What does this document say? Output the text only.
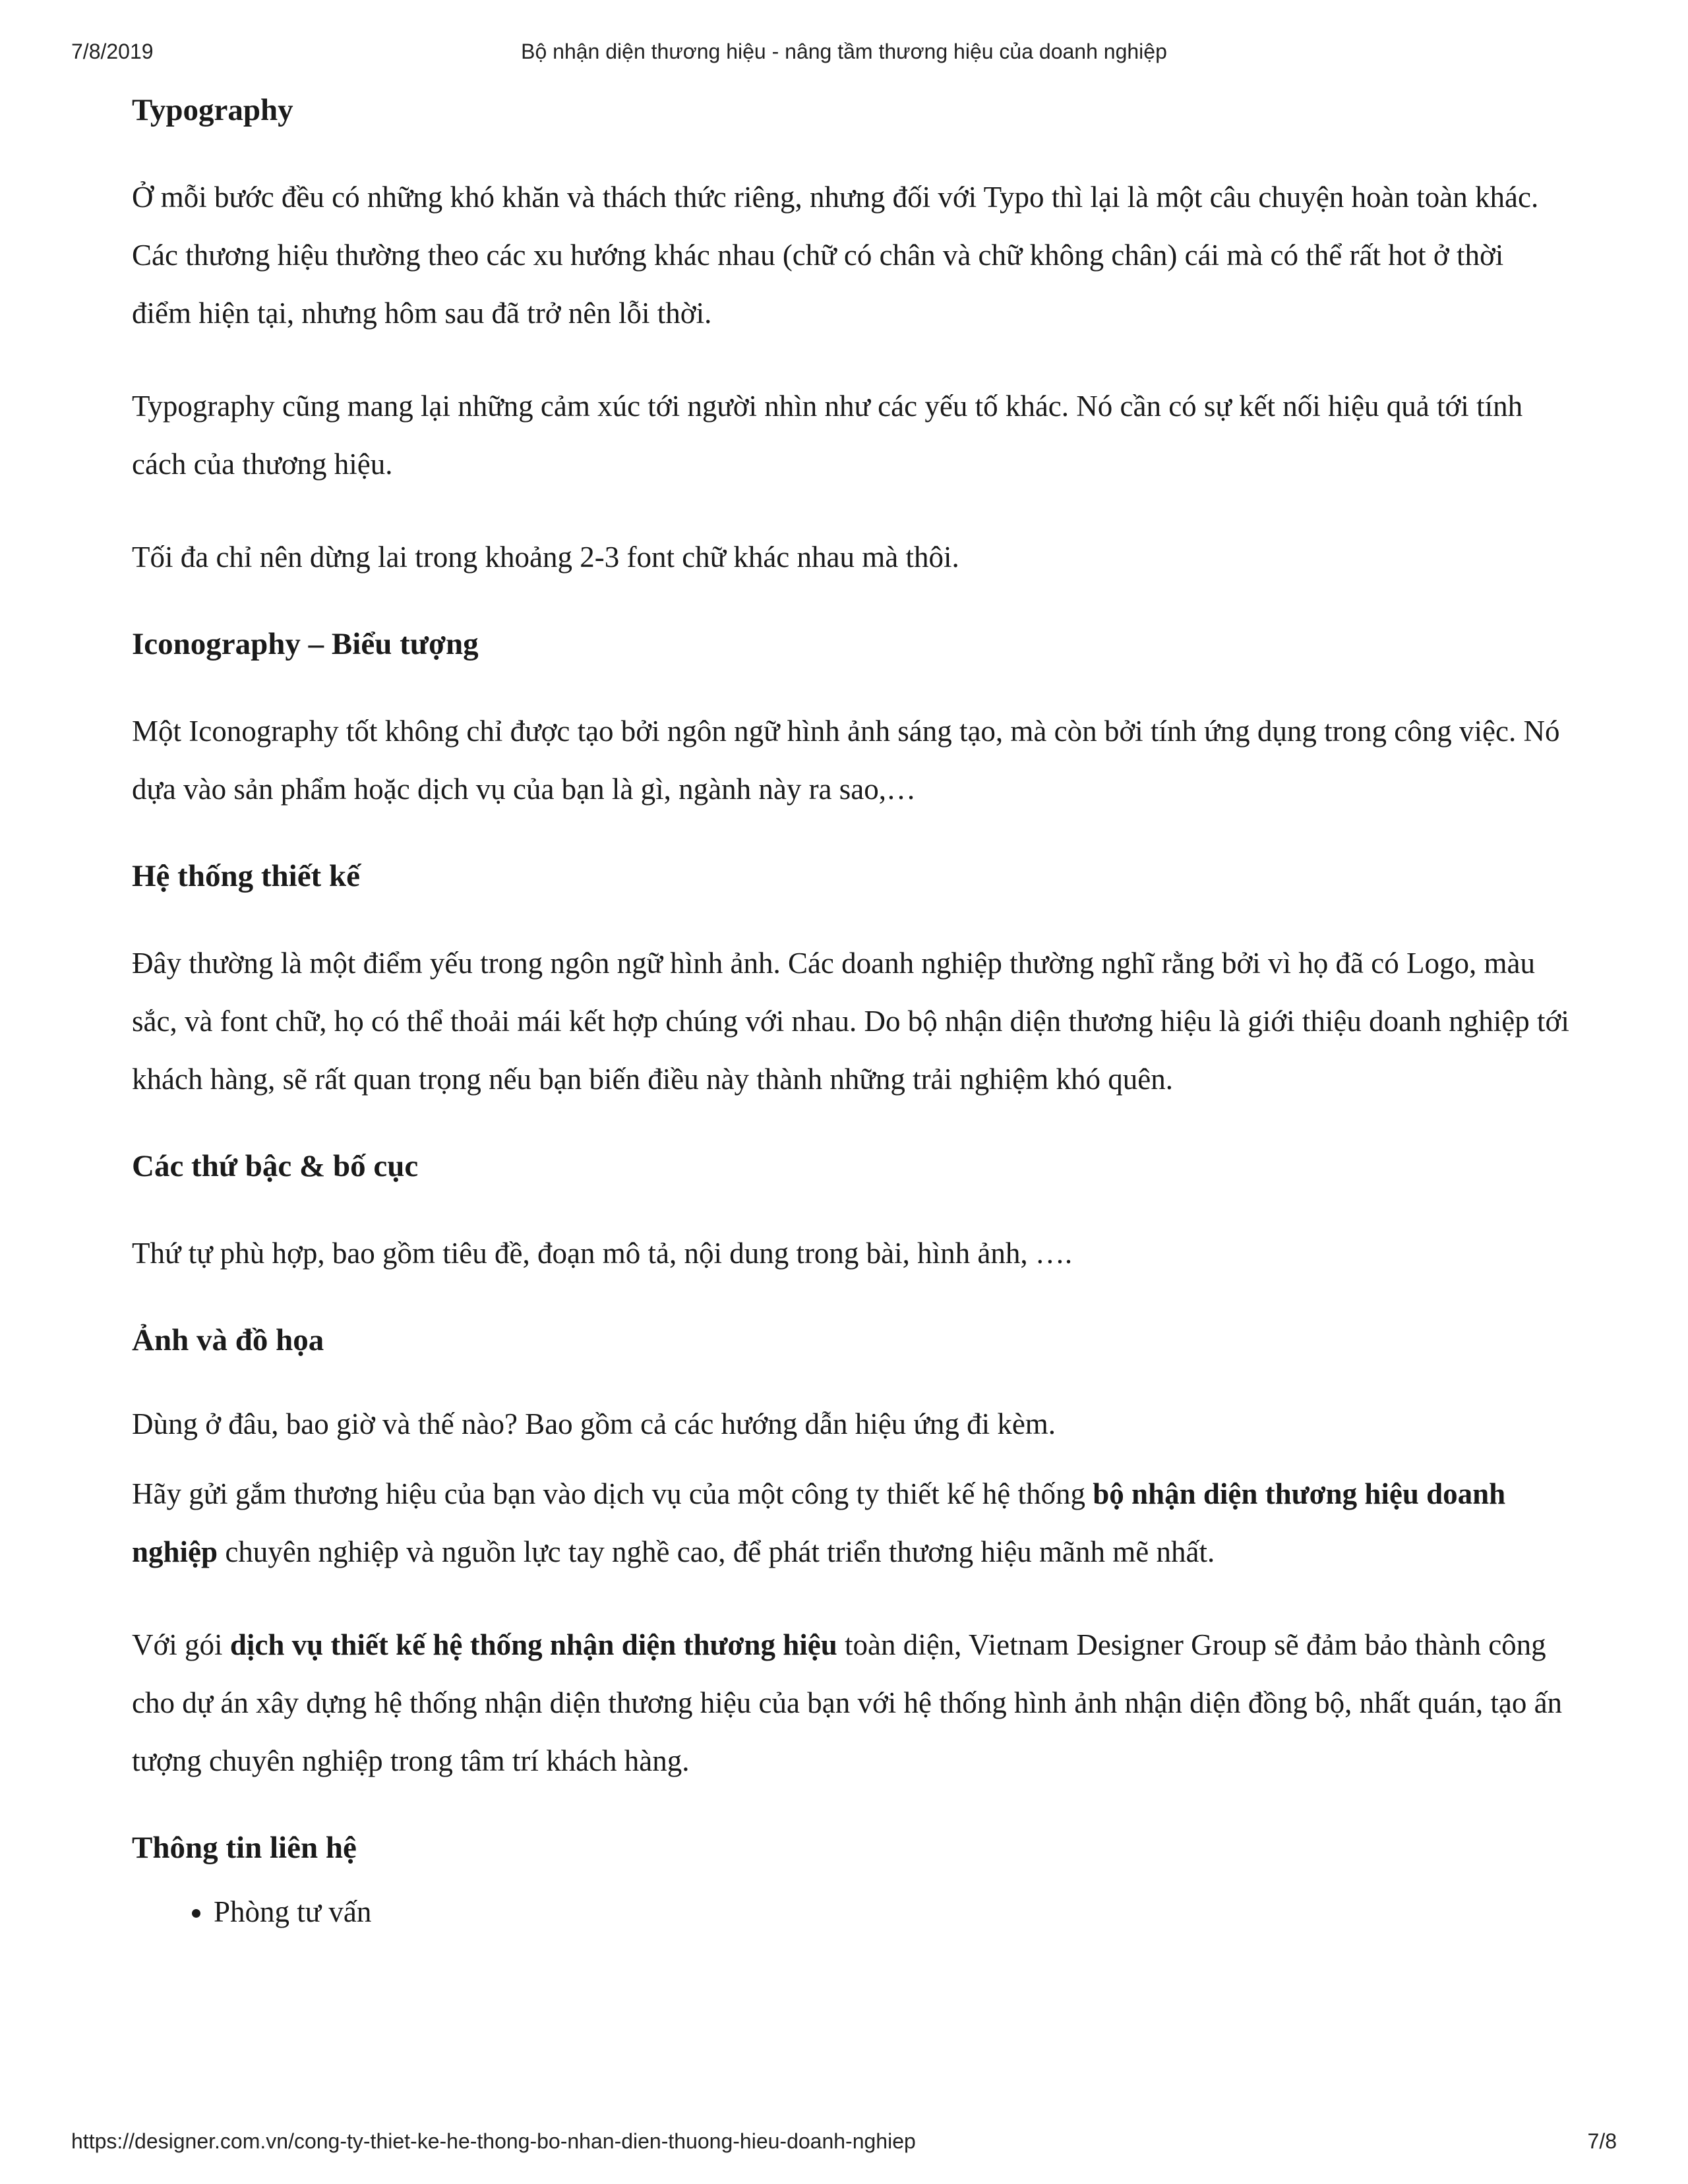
7/8/2019	Bộ nhận diện thương hiệu - nâng tầm thương hiệu của doanh nghiệp
Typography

Ở mỗi bước đều có những khó khăn và thách thức riêng, nhưng đối với Typo thì lại là một câu chuyện hoàn toàn khác. Các thương hiệu thường theo các xu hướng khác nhau (chữ có chân và chữ không chân) cái mà có thể rất hot ở thời điểm hiện tại, nhưng hôm sau đã trở nên lỗi thời.

Typography cũng mang lại những cảm xúc tới người nhìn như các yếu tố khác. Nó cần có sự kết nối hiệu quả tới tính cách của thương hiệu.

Tối đa chỉ nên dừng lai trong khoảng 2-3 font chữ khác nhau mà thôi.

Iconography – Biểu tượng

Một Iconography tốt không chỉ được tạo bởi ngôn ngữ hình ảnh sáng tạo, mà còn bởi tính ứng dụng trong công việc. Nó dựa vào sản phẩm hoặc dịch vụ của bạn là gì, ngành này ra sao,…

Hệ thống thiết kế

Đây thường là một điểm yếu trong ngôn ngữ hình ảnh. Các doanh nghiệp thường nghĩ rằng bởi vì họ đã có Logo, màu sắc, và font chữ, họ có thể thoải mái kết hợp chúng với nhau. Do bộ nhận diện thương hiệu là giới thiệu doanh nghiệp tới khách hàng, sẽ rất quan trọng nếu bạn biến điều này thành những trải nghiệm khó quên.

Các thứ bậc & bố cục

Thứ tự phù hợp, bao gồm tiêu đề, đoạn mô tả, nội dung trong bài, hình ảnh, ….

Ảnh và đồ họa

Dùng ở đâu, bao giờ và thế nào? Bao gồm cả các hướng dẫn hiệu ứng đi kèm.

Hãy gửi gắm thương hiệu của bạn vào dịch vụ của một công ty thiết kế hệ thống bộ nhận diện thương hiệu doanh nghiệp chuyên nghiệp và nguồn lực tay nghề cao, để phát triển thương hiệu mãnh mẽ nhất.

Với gói dịch vụ thiết kế hệ thống nhận diện thương hiệu toàn diện, Vietnam Designer Group sẽ đảm bảo thành công cho dự án xây dựng hệ thống nhận diện thương hiệu của bạn với hệ thống hình ảnh nhận diện đồng bộ, nhất quán, tạo ấn tượng chuyên nghiệp trong tâm trí khách hàng.

Thông tin liên hệ
• Phòng tư vấn
https://designer.com.vn/cong-ty-thiet-ke-he-thong-bo-nhan-dien-thuong-hieu-doanh-nghiep	7/8
